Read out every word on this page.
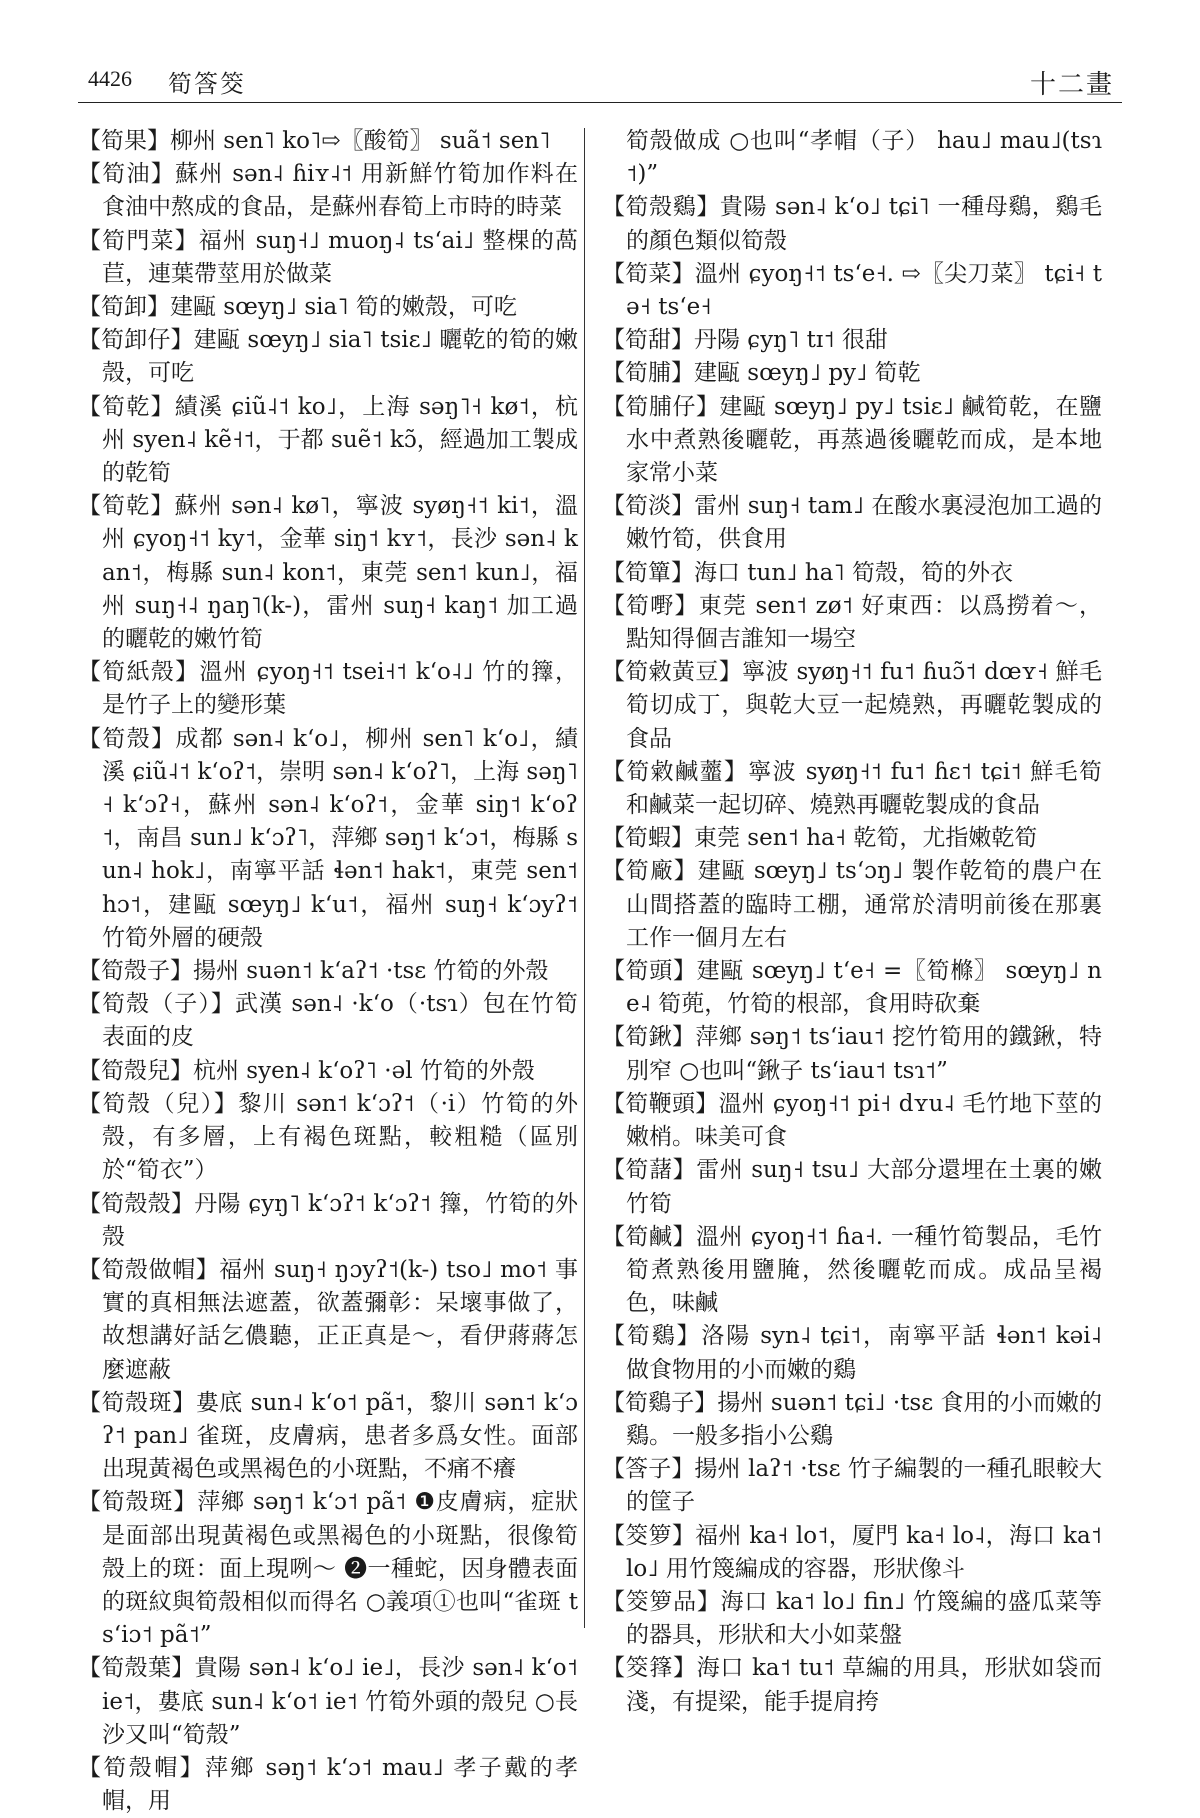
4426 筍筨筊	十二畫

【筍果】柳州 sen˥ ko˥⇨〖酸筍〗 suã˦ sen˥

【筍油】蘇州 sən˨ ɦiʏ˨˦ 用新鮮竹筍加作料在食油中熬成的食品，是蘇州春筍上市時的時菜

【筍門菜】福州 suŋ˧˩ muoŋ˨ tsʻai˩ 整棵的萵苣，連葉帶莖用於做菜

【筍卸】建甌 sœyŋ˩ sia˥ 筍的嫩殼，可吃

【筍卸仔】建甌 sœyŋ˩ sia˥ tsiɛ˩ 曬乾的筍的嫩殼，可吃

【筍乾】績溪 ɕiũ˨˦ ko˩，上海 səŋ˥˧ kø˦，杭州 syen˨ kẽ˧˦，于都 suẽ˦ kɔ̃，經過加工製成的乾筍

【筍乾】蘇州 sən˨ kø˥，寧波 syøŋ˧˦ ki˦，溫州 ɕyoŋ˧˦ ky˦，金華 siŋ˦ kʏ˦，長沙 sən˨ kan˦，梅縣 sun˨ kon˦，東莞 sen˦ kun˩，福州 suŋ˧˨ ŋaŋ˥(k-)，雷州 suŋ˧ kaŋ˦ 加工過的曬乾的嫩竹筍

【筍紙殼】溫州 ɕyoŋ˧˦ tsei˧˦ kʻo˨˩ 竹的籜，是竹子上的變形葉

【筍殼】成都 sən˨ kʻo˩，柳州 sen˥ kʻo˩，績溪 ɕiũ˨˦ kʻoʔ˦，崇明 sən˨ kʻoʔ˥，上海 səŋ˥˧ kʻɔʔ˧，蘇州 sən˨ kʻoʔ˦，金華 siŋ˦ kʻoʔ˦，南昌 sun˩ kʻɔʔ˥，萍鄉 səŋ˦ kʻɔ˦，梅縣 sun˨ hok˩，南寧平話 ɬən˦ hak˦，東莞 sen˦ hɔ˦，建甌 sœyŋ˩ kʻu˦，福州 suŋ˧ kʻɔyʔ˦ 竹筍外層的硬殼

【筍殼子】揚州 suən˦ kʻaʔ˦ ·tsɛ 竹筍的外殼

【筍殼（子）】武漢 sən˨ ·kʻo（·tsɿ）包在竹筍表面的皮

【筍殼兒】杭州 syen˨ kʻoʔ˥ ·əl 竹筍的外殼

【筍殼（兒）】黎川 sən˦ kʻɔʔ˦（·i）竹筍的外殼，有多層，上有褐色斑點，較粗糙（區別於“筍衣”）

【筍殼殼】丹陽 ɕyŋ˥ kʻɔʔ˦ kʻɔʔ˦ 籜，竹筍的外殼

【筍殼做帽】福州 suŋ˧ ŋɔyʔ˦(k-) tso˩ mo˦ 事實的真相無法遮蓋，欲蓋彌彰：呆壞事做了，故想講好話乞儂聽，正正真是～，看伊蔣蔣怎麼遮蔽

【筍殼斑】婁底 sun˨ kʻo˦ pã˦，黎川 sən˦ kʻɔʔ˦ pan˩ 雀斑，皮膚病，患者多爲女性。面部出現黃褐色或黑褐色的小斑點，不痛不癢

【筍殼斑】萍鄉 səŋ˦ kʻɔ˦ pã˦ ❶皮膚病，症狀是面部出現黃褐色或黑褐色的小斑點，很像筍殼上的斑：面上現咧～ ❷一種蛇，因身體表面的斑紋與筍殼相似而得名 ○義項①也叫“雀斑 tsʻiɔ˦ pã˦”

【筍殼葉】貴陽 sən˨ kʻo˩ ie˩，長沙 sən˨ kʻo˦ ie˦，婁底 sun˨ kʻo˦ ie˦ 竹筍外頭的殼兒 ○長沙又叫“筍殼”

【筍殼帽】萍鄉 səŋ˦ kʻɔ˦ mau˩ 孝子戴的孝帽，用

筍殼做成 ○也叫“孝帽（子） hau˩ mau˩(tsɿ˦)”

【筍殼鷄】貴陽 sən˨ kʻo˩ tɕi˥ 一種母鷄，鷄毛的顏色類似筍殼

【筍菜】溫州 ɕyoŋ˧˦ tsʻe˧. ⇨〖尖刀菜〗 tɕi˧ tə˧ tsʻe˧

【筍甜】丹陽 ɕyŋ˥ tɪ˦ 很甜

【筍脯】建甌 sœyŋ˩ py˩ 筍乾

【筍脯仔】建甌 sœyŋ˩ py˩ tsiɛ˩ 鹹筍乾，在鹽水中煮熟後曬乾，再蒸過後曬乾而成，是本地家常小菜

【筍淡】雷州 suŋ˧ tam˩ 在酸水裏浸泡加工過的嫩竹筍，供食用

【筍簞】海口 tun˩ ha˥ 筍殼，筍的外衣

【筍嘢】東莞 sen˦ zø˦ 好東西：以爲撈着～，點知得個吉誰知一場空

【筍敹黃豆】寧波 syøŋ˧˦ fu˦ ɦuɔ̃˦ dœʏ˧ 鮮毛筍切成丁，與乾大豆一起燒熟，再曬乾製成的食品

【筍敹鹹虀】寧波 syøŋ˧˦ fu˦ ɦɛ˦ tɕi˦ 鮮毛筍和鹹菜一起切碎、燒熟再曬乾製成的食品

【筍蝦】東莞 sen˦ ha˧ 乾筍，尤指嫩乾筍

【筍廠】建甌 sœyŋ˩ tsʻɔŋ˩ 製作乾筍的農户在山間搭蓋的臨時工棚，通常於清明前後在那裏工作一個月左右

【筍頭】建甌 sœyŋ˩ tʻe˧ =〖筍樤〗 sœyŋ˩ ne˨ 筍蔸，竹筍的根部，食用時砍棄

【筍鍬】萍鄉 səŋ˦ tsʻiau˦ 挖竹筍用的鐵鍬，特別窄 ○也叫“鍬子 tsʻiau˦ tsɿ˦”

【筍鞭頭】溫州 ɕyoŋ˧˦ pi˧ dʏu˨ 毛竹地下莖的嫩梢。味美可食

【筍藷】雷州 suŋ˧ tsu˩ 大部分還埋在土裏的嫩竹筍

【筍鹹】溫州 ɕyoŋ˧˦ ɦa˧. 一種竹筍製品，毛竹筍煮熟後用鹽腌，然後曬乾而成。成品呈褐色，味鹹

【筍鷄】洛陽 syn˨ tɕi˦，南寧平話 ɬən˦ kəi˨ 做食物用的小而嫩的鷄

【筍鷄子】揚州 suən˦ tɕi˩ ·tsɛ 食用的小而嫩的鷄。一般多指小公鷄

【筨子】揚州 laʔ˦ ·tsɛ 竹子編製的一種孔眼較大的筐子

【筊箩】福州 ka˧ lo˦，厦門 ka˧ lo˨，海口 ka˦ lo˩ 用竹篾編成的容器，形狀像斗

【筊箩品】海口 ka˦ lo˩ fin˩ 竹篾編的盛瓜菜等的器具，形狀和大小如菜盤

【筊箨】海口 ka˦ tu˦ 草編的用具，形狀如袋而淺，有提梁，能手提肩挎
